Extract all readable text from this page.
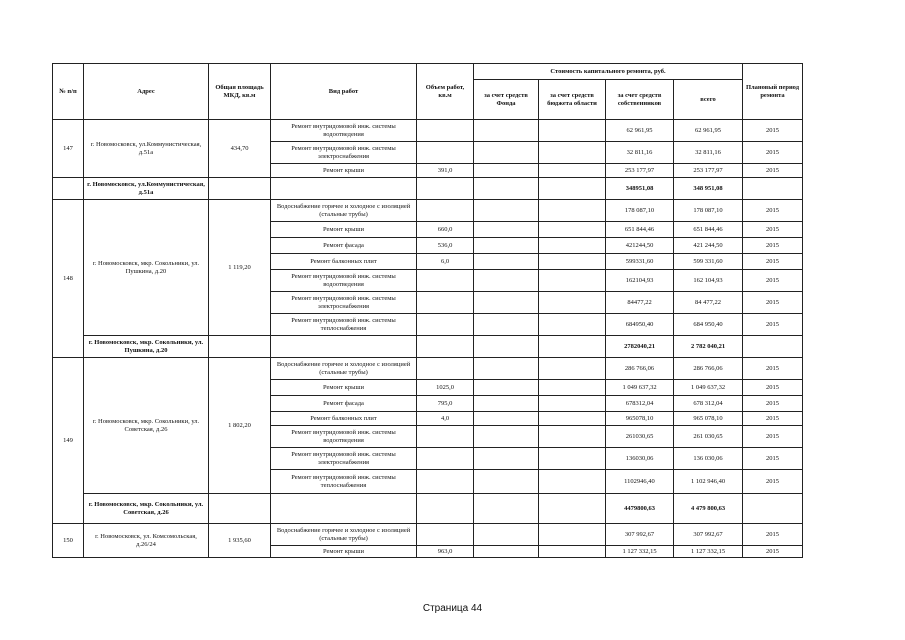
№ п/п	Адрес	Общая площадь МКД, кв.м	Вид работ	Объем работ, кв.м	Стоимость капитального ремонта, руб.				Плановый период ремонта
					за счет средств Фонда	за счет средств бюджета области	за счет средств собственников	всего	
147	г. Новомосковск, ул.Коммунистическая, д.51а	434,70	Ремонт внутридомовой инж. системы водоотведения				62 961,95	62 961,95	2015
			Ремонт внутридомовой инж. системы электроснабжения				32 811,16	32 811,16	2015
			Ремонт крыши	391,0			253 177,97	253 177,97	2015
	г. Новомосковск, ул.Коммунистическая, д.51а						348951,08	348 951,08	
148	г. Новомосковск, мкр. Сокольники, ул. Пушкина, д.20	1 119,20	Водоснабжение горячее и холодное с изоляцией (стальные трубы)				178 087,10	178 087,10	2015
			Ремонт крыши	660,0			651 844,46	651 844,46	2015
			Ремонт фасада	536,0			421244,50	421 244,50	2015
			Ремонт балконных плит	6,0			599331,60	599 331,60	2015
			Ремонт внутридомовой инж. системы водоотведения				162104,93	162 104,93	2015
			Ремонт внутридомовой инж. системы электроснабжения				84477,22	84 477,22	2015
			Ремонт внутридомовой инж. системы теплоснабжения				684950,40	684 950,40	2015
	г. Новомосковск, мкр. Сокольники, ул. Пушкина, д.20						2782040,21	2 782 040,21	
149	г. Новомосковск, мкр. Сокольники, ул. Советская, д.26	1 802,20	Водоснабжение горячее и холодное с изоляцией (стальные трубы)				286 766,06	286 766,06	2015
			Ремонт крыши	1025,0			1 049 637,32	1 049 637,32	2015
			Ремонт фасада	795,0			678312,04	678 312,04	2015
			Ремонт балконных плит	4,0			965078,10	965 078,10	2015
			Ремонт внутридомовой инж. системы водоотведения				261030,65	261 030,65	2015
			Ремонт внутридомовой инж. системы электроснабжения				136030,06	136 030,06	2015
			Ремонт внутридомовой инж. системы теплоснабжения				1102946,40	1 102 946,40	2015
	г. Новомосковск, мкр. Сокольники, ул. Советская, д.26						4479800,63	4 479 800,63	
150	г. Новомосковск, ул. Комсомольская, д.26/24	1 935,60	Водоснабжение горячее и холодное с изоляцией (стальные трубы)				307 992,67	307 992,67	2015
			Ремонт крыши	963,0			1 127 332,15	1 127 332,15	2015
Страница 44
